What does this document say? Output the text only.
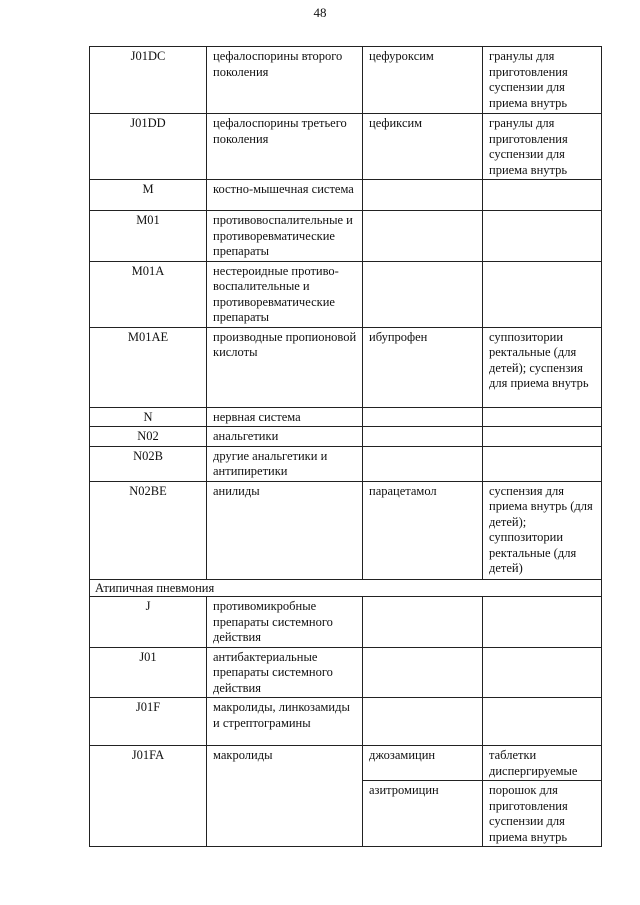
48
J01DC	цефалоспорины второго поколения	цефуроксим	гранулы для приготовления суспензии для приема внутрь
J01DD	цефалоспорины третьего поколения	цефиксим	гранулы для приготовления суспензии для приема внутрь
M	костно-мышечная система		
M01	противовоспалительные и противоревматические препараты		
M01A	нестероидные противовоспалительные и противоревматические препараты		
M01AE	производные пропионовой кислоты	ибупрофен	суппозитории ректальные (для детей); суспензия для приема внутрь
N	нервная система		
N02	анальгетики		
N02B	другие анальгетики и антипиретики		
N02BE	анилиды	парацетамол	суспензия для приема внутрь (для детей); суппозитории ректальные (для детей)
Атипичная пневмония			
J	противомикробные препараты системного действия		
J01	антибактериальные препараты системного действия		
J01F	макролиды, линкозамиды и стрептограмины		
J01FA	макролиды	джозамицин	таблетки диспергируемые
		азитромицин	порошок для приготовления суспензии для приема внутрь
